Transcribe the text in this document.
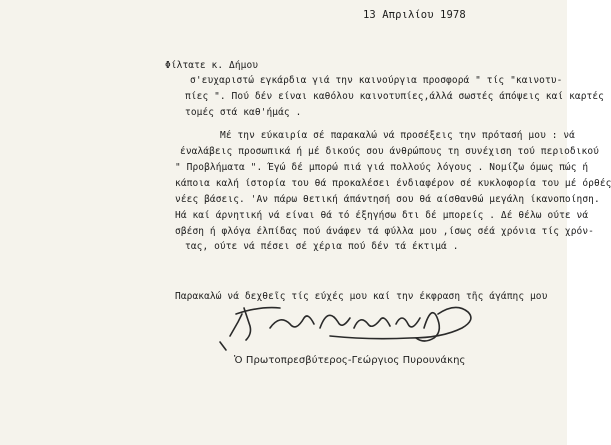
13 Απριλίου 1978
Φίλτατε κ. Δήμου
σ'ευχαριστώ εγκάρδια γιά την καινούργια προσφορά " τίς "καινοτυ-
πίες ". Πού δέν είναι καθόλου καινοτυπίες,άλλά σωστές άπόψεις καί καρτές
τομές στά καθ'ήμάς .
Μέ την εύκαιρία σέ παρακαλώ νά προσέξεις την πρότασή μου : νά
έναλάβεις προσωπικά ή μέ δικούς σου άνθρώπους τη συνέχιση τού περιοδικού
" Προβλήματα ". Έγώ δέ μπορώ πιά γιά πολλούς λόγους . Νομίζω όμως πώς ή
κάποια καλή ίστορία του θά προκαλέσει ένδιαφέρον σέ κυκλοφορία του μέ όρθές
νέες βάσεις. 'Αν πάρω θετική άπάντησή σου θά αίσθανθώ μεγάλη ίκανοποίηση.
Ηά καί άρνητική νά είναι θά τό έξηγήσω δτι δέ μπορείς . Δέ θέλω ούτε νά
σβέση ή φλόγα έλπίδας πού άνάφεν τά φύλλα μου ,ίσως σέά χρόνια τίς χρόν-
τας, ούτε νά πέσει σέ χέρια πού δέν τά έκτιμά .
Παρακαλώ νά δεχθεῖς τίς εύχές μου καί την έκφραση τῆς άγάπης μου
Ὁ Πρωτοπρεσβύτερος-Γεώργιος Πυρουνάκης
